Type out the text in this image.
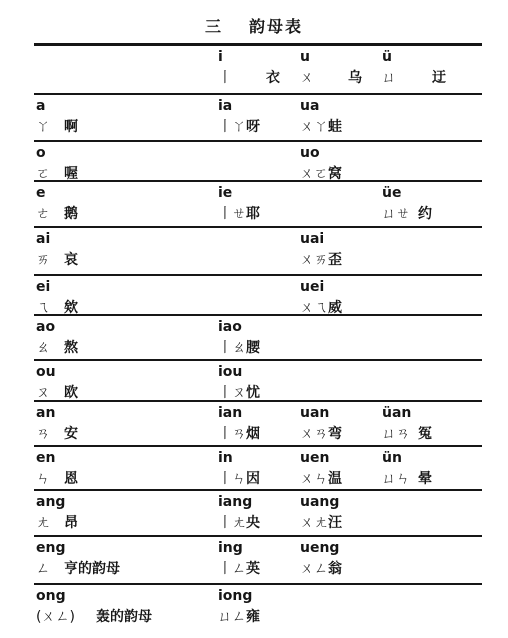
三 韵母表
i
丨 衣
u
ㄨ 乌
ü
ㄩ	迂
a
ㄚ 啊
ia
丨ㄚ呀
ua
ㄨㄚ蛙
o
ㄛ 喔
uo
ㄨㄛ窝
e
ㄜ 鹅
ie
丨ㄝ耶
üe
ㄩㄝ 约
ai
ㄞ 哀
uai
ㄨㄞ歪
ei
ㄟ 欸
uei
ㄨㄟ威
ao
ㄠ 熬
iao
丨ㄠ腰
ou
ㄡ 欧
iou
丨ㄡ忧
an
ㄢ 安
ian
丨ㄢ烟
uan
ㄨㄢ弯
üan
ㄩㄢ 冤
en
ㄣ 恩
in
丨ㄣ因
uen
ㄨㄣ温
ün
ㄩㄣ 晕
ang
ㄤ 昂
iang
丨ㄤ央
uang
ㄨㄤ汪
eng
ㄥ 亨的韵母
ing
丨ㄥ英
ueng
ㄨㄥ翁
ong
(ㄨㄥ) 轰的韵母
iong
ㄩㄥ雍
